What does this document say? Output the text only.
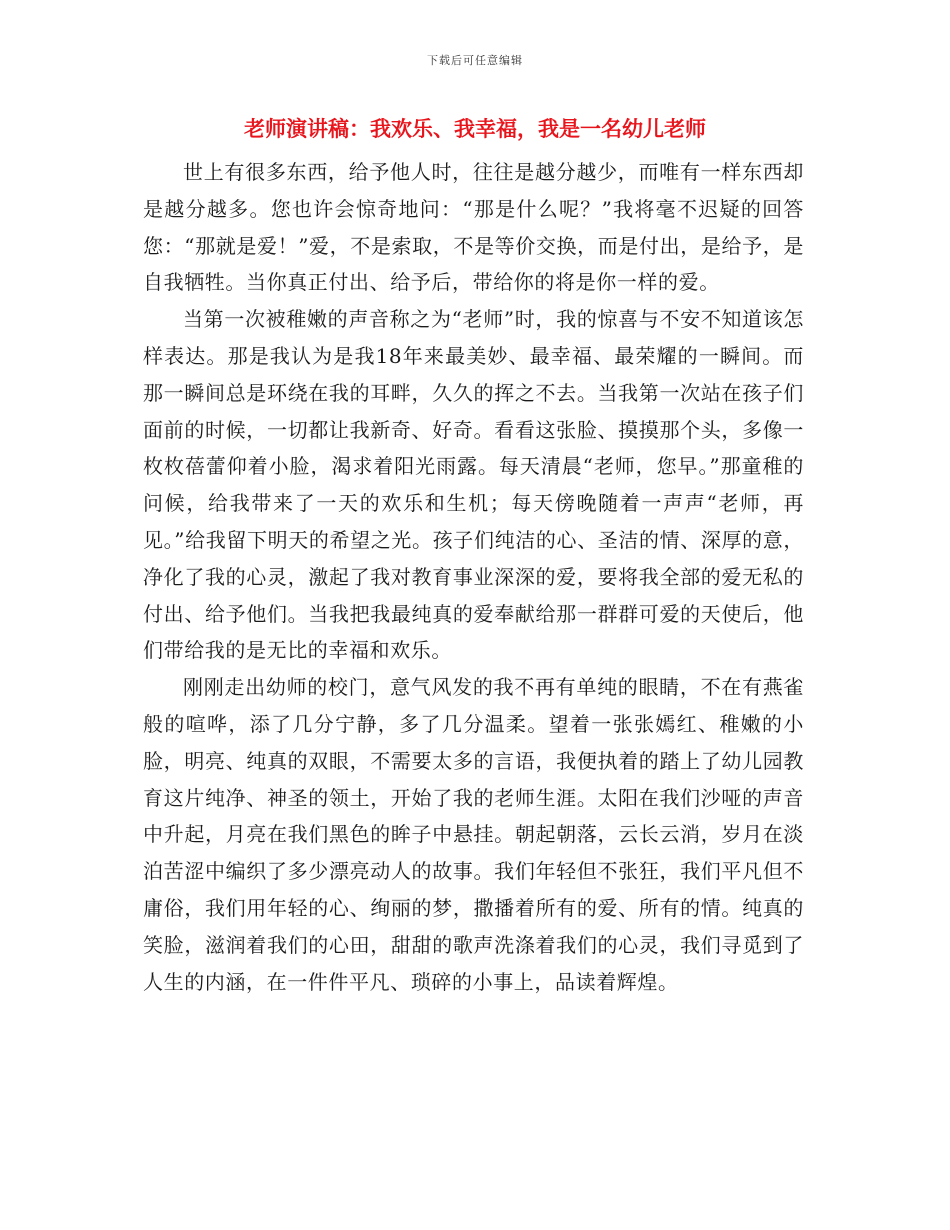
下载后可任意编辑
老师演讲稿：我欢乐、我幸福，我是一名幼儿老师

世上有很多东西，给予他人时，往往是越分越少，而唯有一样东西却是越分越多。您也许会惊奇地问：“那是什么呢？”我将毫不迟疑的回答您：“那就是爱！”爱，不是索取，不是等价交换，而是付出，是给予，是自我牺牲。当你真正付出、给予后，带给你的将是你一样的爱。

当第一次被稚嫩的声音称之为“老师”时，我的惊喜与不安不知道该怎样表达。那是我认为是我18年来最美妙、最幸福、最荣耀的一瞬间。而那一瞬间总是环绕在我的耳畔，久久的挥之不去。当我第一次站在孩子们面前的时候，一切都让我新奇、好奇。看看这张脸、摸摸那个头，多像一枚枚蓓蕾仰着小脸，渴求着阳光雨露。每天清晨“老师，您早。”那童稚的问候，给我带来了一天的欢乐和生机；每天傍晚随着一声声“老师，再见。”给我留下明天的希望之光。孩子们纯洁的心、圣洁的情、深厚的意，净化了我的心灵，激起了我对教育事业深深的爱，要将我全部的爱无私的付出、给予他们。当我把我最纯真的爱奉献给那一群群可爱的天使后，他们带给我的是无比的幸福和欢乐。

刚刚走出幼师的校门，意气风发的我不再有单纯的眼睛，不在有燕雀般的喧哗，添了几分宁静，多了几分温柔。望着一张张嫣红、稚嫩的小脸，明亮、纯真的双眼，不需要太多的言语，我便执着的踏上了幼儿园教育这片纯净、神圣的领土，开始了我的老师生涯。太阳在我们沙哑的声音中升起，月亮在我们黑色的眸子中悬挂。朝起朝落，云长云消，岁月在淡泊苦涩中编织了多少漂亮动人的故事。我们年轻但不张狂，我们平凡但不庸俗，我们用年轻的心、绚丽的梦，撒播着所有的爱、所有的情。纯真的笑脸，滋润着我们的心田，甜甜的歌声洗涤着我们的心灵，我们寻觅到了人生的内涵，在一件件平凡、琐碎的小事上，品读着辉煌。
